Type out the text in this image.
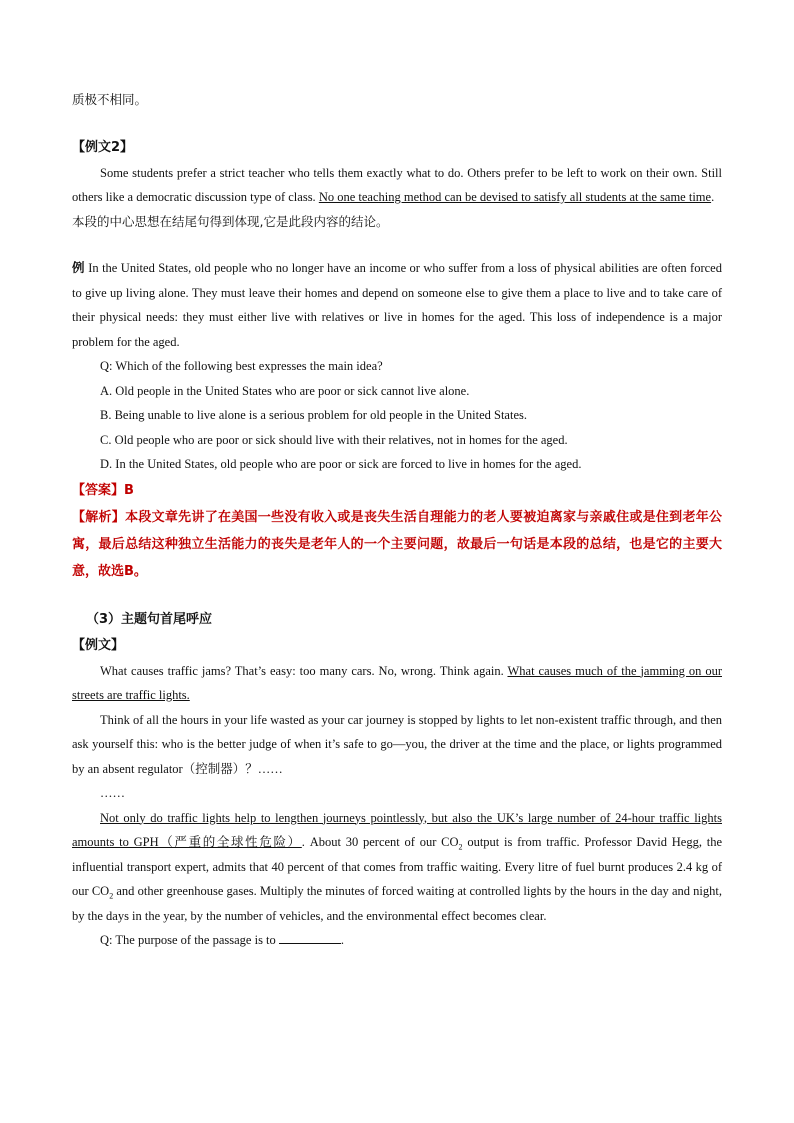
质极不相同。

【例文2】

Some students prefer a strict teacher who tells them exactly what to do. Others prefer to be left to work on their own. Still others like a democratic discussion type of class. No one teaching method can be devised to satisfy all students at the same time.

本段的中心思想在结尾句得到体现,它是此段内容的结论。

例 In the United States, old people who no longer have an income or who suffer from a loss of physical abilities are often forced to give up living alone. They must leave their homes and depend on someone else to give them a place to live and to take care of their physical needs: they must either live with relatives or live in homes for the aged. This loss of independence is a major problem for the aged.

Q: Which of the following best expresses the main idea?

A. Old people in the United States who are poor or sick cannot live alone.

B. Being unable to live alone is a serious problem for old people in the United States.

C. Old people who are poor or sick should live with their relatives, not in homes for the aged.

D. In the United States, old people who are poor or sick are forced to live in homes for the aged.

【答案】B

【解析】本段文章先讲了在美国一些没有收入或是丧失生活自理能力的老人要被迫离家与亲戚住或是住到老年公寓，最后总结这种独立生活能力的丧失是老年人的一个主要问题，故最后一句话是本段的总结，也是它的主要大意，故选B。

（3）主题句首尾呼应

【例文】

What causes traffic jams? That’s easy: too many cars. No, wrong. Think again. What causes much of the jamming on our streets are traffic lights.

Think of all the hours in your life wasted as your car journey is stopped by lights to let non-existent traffic through, and then ask yourself this: who is the better judge of when it’s safe to go—you, the driver at the time and the place, or lights programmed by an absent regulator（控制器）？……

……

Not only do traffic lights help to lengthen journeys pointlessly, but also the UK’s large number of 24-hour traffic lights amounts to GPH（严重的全球性危险）. About 30 percent of our $CO_2$ output is from traffic. Professor David Hegg, the influential transport expert, admits that 40 percent of that comes from traffic waiting. Every litre of fuel burnt produces 2.4 kg of our $CO_2$ and other greenhouse gases. Multiply the minutes of forced waiting at controlled lights by the hours in the day and night, by the days in the year, by the number of vehicles, and the environmental effect becomes clear.

Q: The purpose of the passage is to	.
